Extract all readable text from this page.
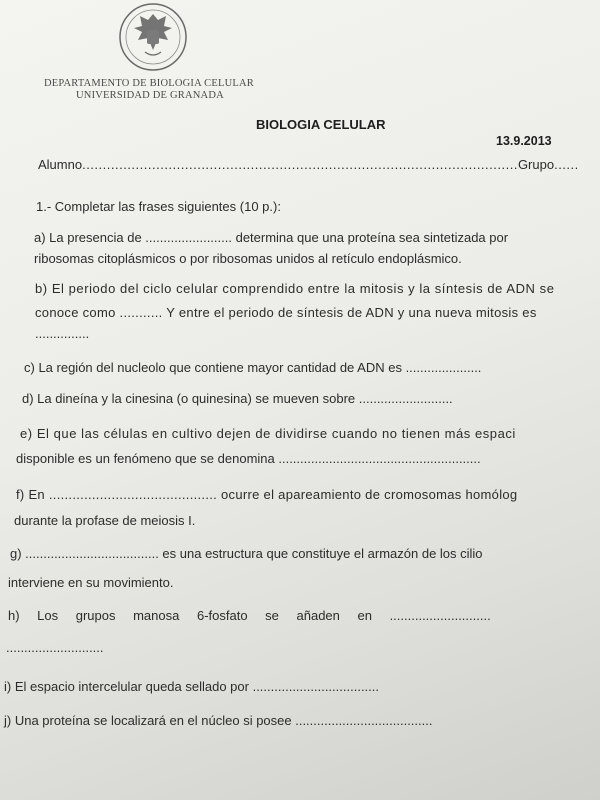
DEPARTAMENTO DE BIOLOGIA CELULAR
UNIVERSIDAD DE GRANADA
BIOLOGIA CELULAR
13.9.2013
Alumno..........................................................................................................Grupo......
1.- Completar las frases siguientes (10 p.):
a) La presencia de ........................ determina que una proteína sea sintetizada por
ribosomas citoplásmicos o por ribosomas unidos al retículo endoplásmico.
b) El periodo del ciclo celular comprendido entre la mitosis y la síntesis de ADN se
conoce como ........... Y entre el periodo de síntesis de ADN y una nueva mitosis es
...............
c) La región del nucleolo que contiene mayor cantidad de ADN es .....................
d) La dineína y la cinesina (o quinesina) se mueven sobre ..........................
e) El que las células en cultivo dejen de dividirse cuando no tienen más espaci
disponible es un fenómeno que se denomina ........................................................
f) En ........................................... ocurre el apareamiento de cromosomas homólog
durante la profase de meiosis I.
g) ..................................... es una estructura que constituye el armazón de los cilio
interviene en su movimiento.
h) Los grupos manosa 6-fosfato se añaden en ............................
...........................
i) El espacio intercelular queda sellado por ...................................
j) Una proteína se localizará en el núcleo si posee ......................................
